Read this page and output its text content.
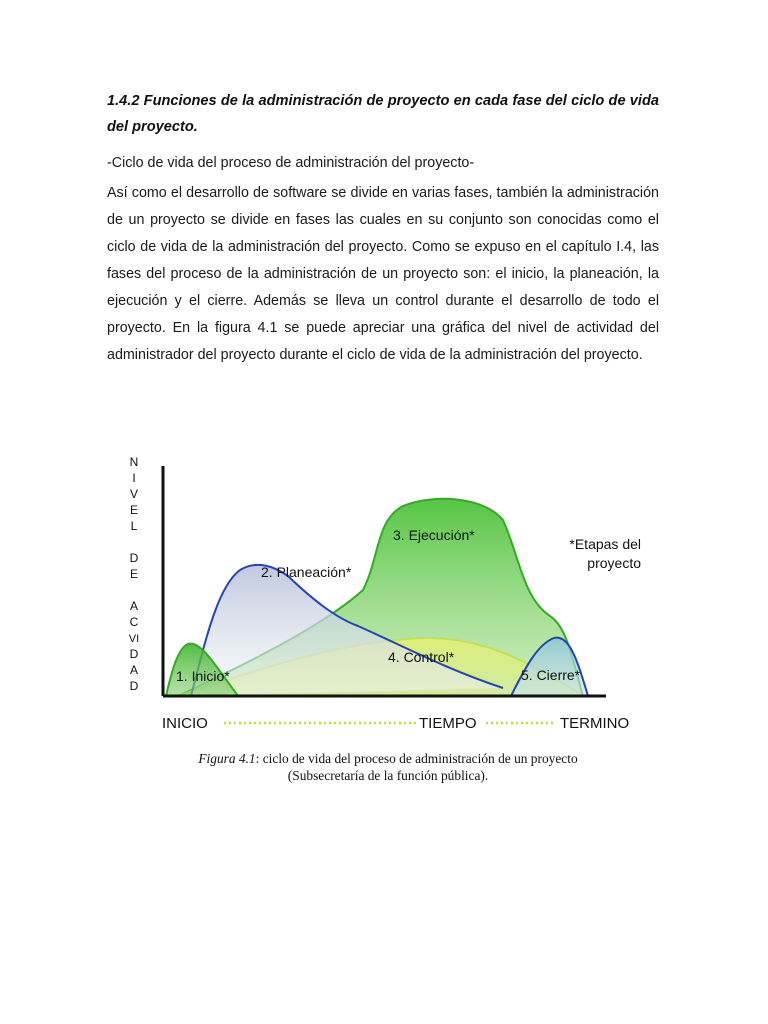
1.4.2 Funciones de la administración de proyecto en cada fase del ciclo de vida del proyecto.
-Ciclo de vida del proceso de administración del proyecto-
Así como el desarrollo de software se divide en varias fases, también la administración de un proyecto se divide en fases las cuales en su conjunto son conocidas como el ciclo de vida de la administración del proyecto. Como se expuso en el capítulo I.4, las fases del proceso de la administración de un proyecto son: el inicio, la planeación, la ejecución y el cierre. Además se lleva un control durante el desarrollo de todo el proyecto. En la figura 4.1 se puede apreciar una gráfica del nivel de actividad del administrador del proyecto durante el ciclo de vida de la administración del proyecto.
N
I
V
E
L
D
E
A
C
VI
D
A
D
1. Inicio*
2. Planeación*
3. Ejecución*
4. Control*
5. Cierre*
*Etapas del
proyecto
INICIO	TIEMPO	TERMINO
Figura 4.1: ciclo de vida del proceso de administración de un proyecto
(Subsecretaría de la función pública).
